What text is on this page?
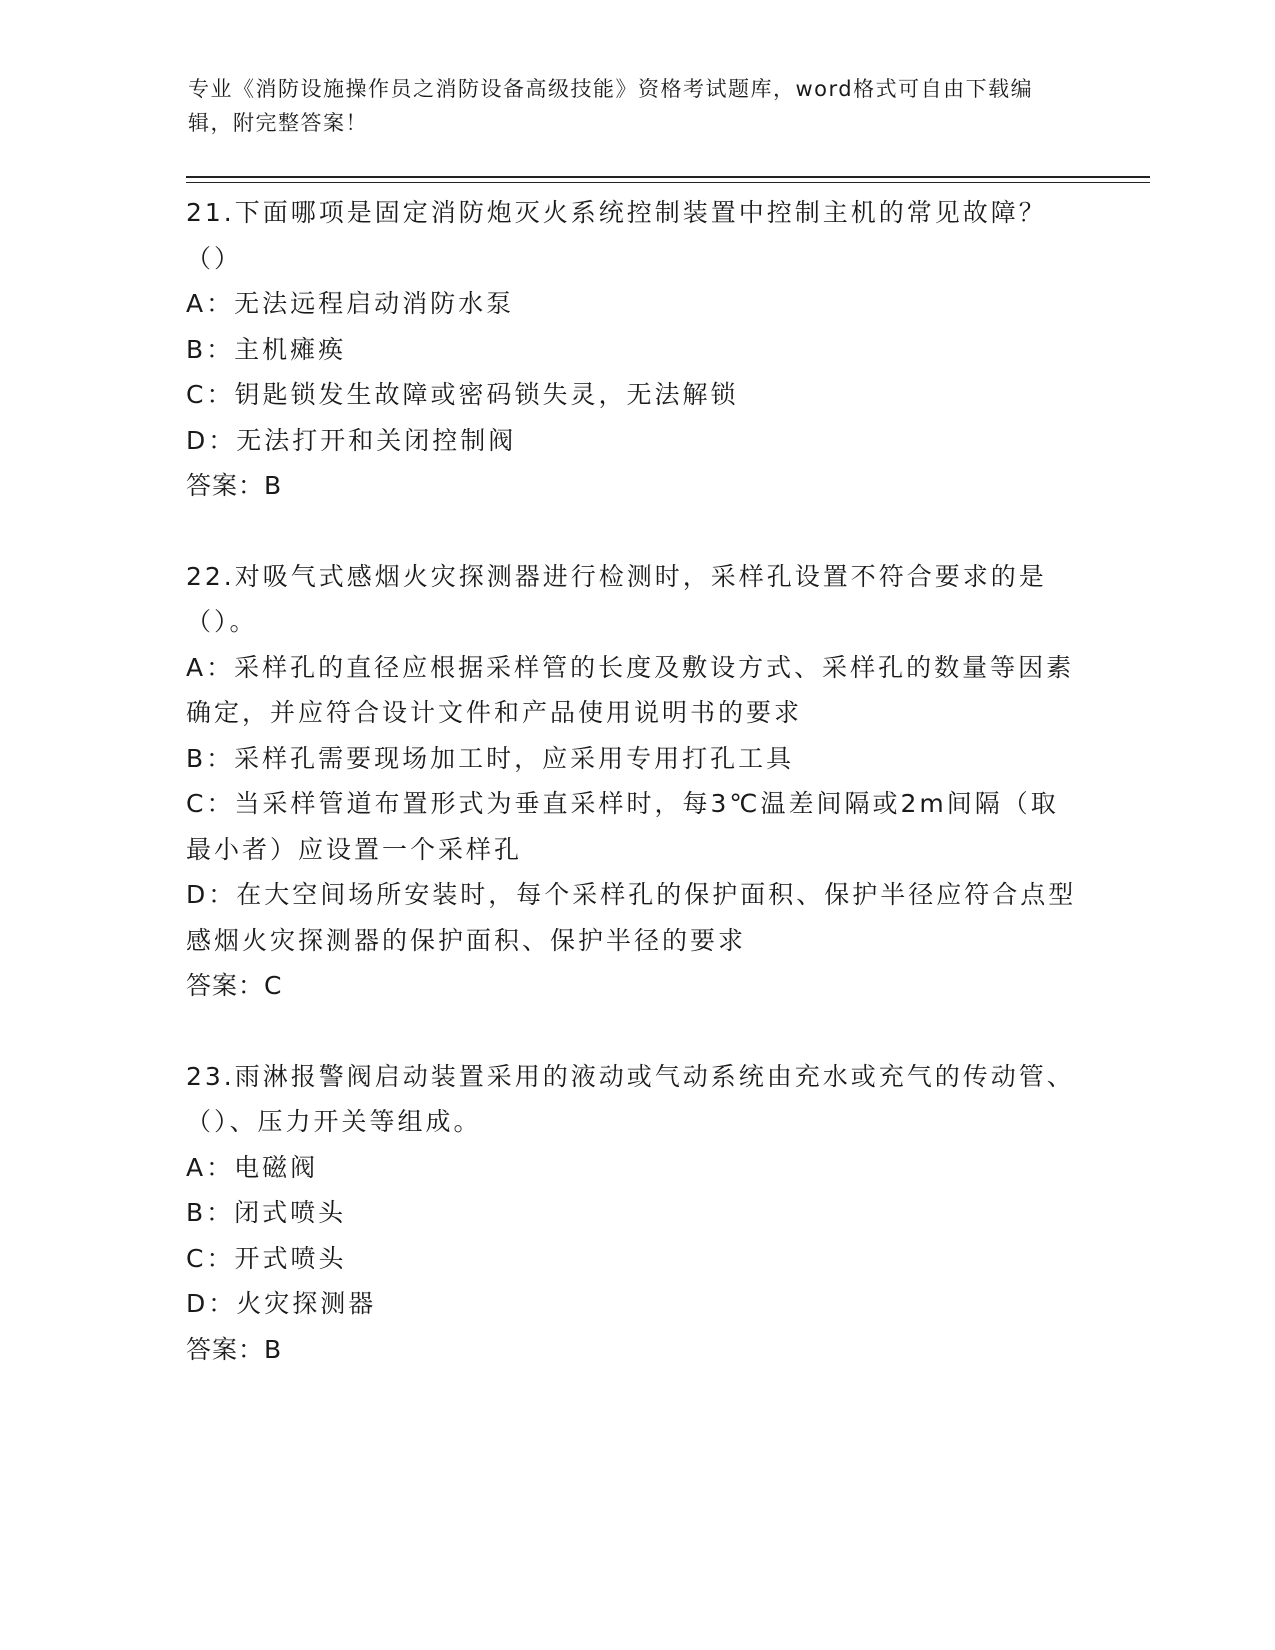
专业《消防设施操作员之消防设备高级技能》资格考试题库，word格式可自由下载编辑，附完整答案！

21.下面哪项是固定消防炮灭火系统控制装置中控制主机的常见故障？（）

A：无法远程启动消防水泵

B：主机瘫痪

C：钥匙锁发生故障或密码锁失灵，无法解锁

D：无法打开和关闭控制阀

答案：B

22.对吸气式感烟火灾探测器进行检测时，采样孔设置不符合要求的是（）。

A：采样孔的直径应根据采样管的长度及敷设方式、采样孔的数量等因素确定，并应符合设计文件和产品使用说明书的要求

B：采样孔需要现场加工时，应采用专用打孔工具

C：当采样管道布置形式为垂直采样时，每3℃温差间隔或2m间隔（取最小者）应设置一个采样孔

D：在大空间场所安装时，每个采样孔的保护面积、保护半径应符合点型感烟火灾探测器的保护面积、保护半径的要求

答案：C

23.雨淋报警阀启动装置采用的液动或气动系统由充水或充气的传动管、（）、压力开关等组成。

A：电磁阀

B：闭式喷头

C：开式喷头

D：火灾探测器

答案：B
